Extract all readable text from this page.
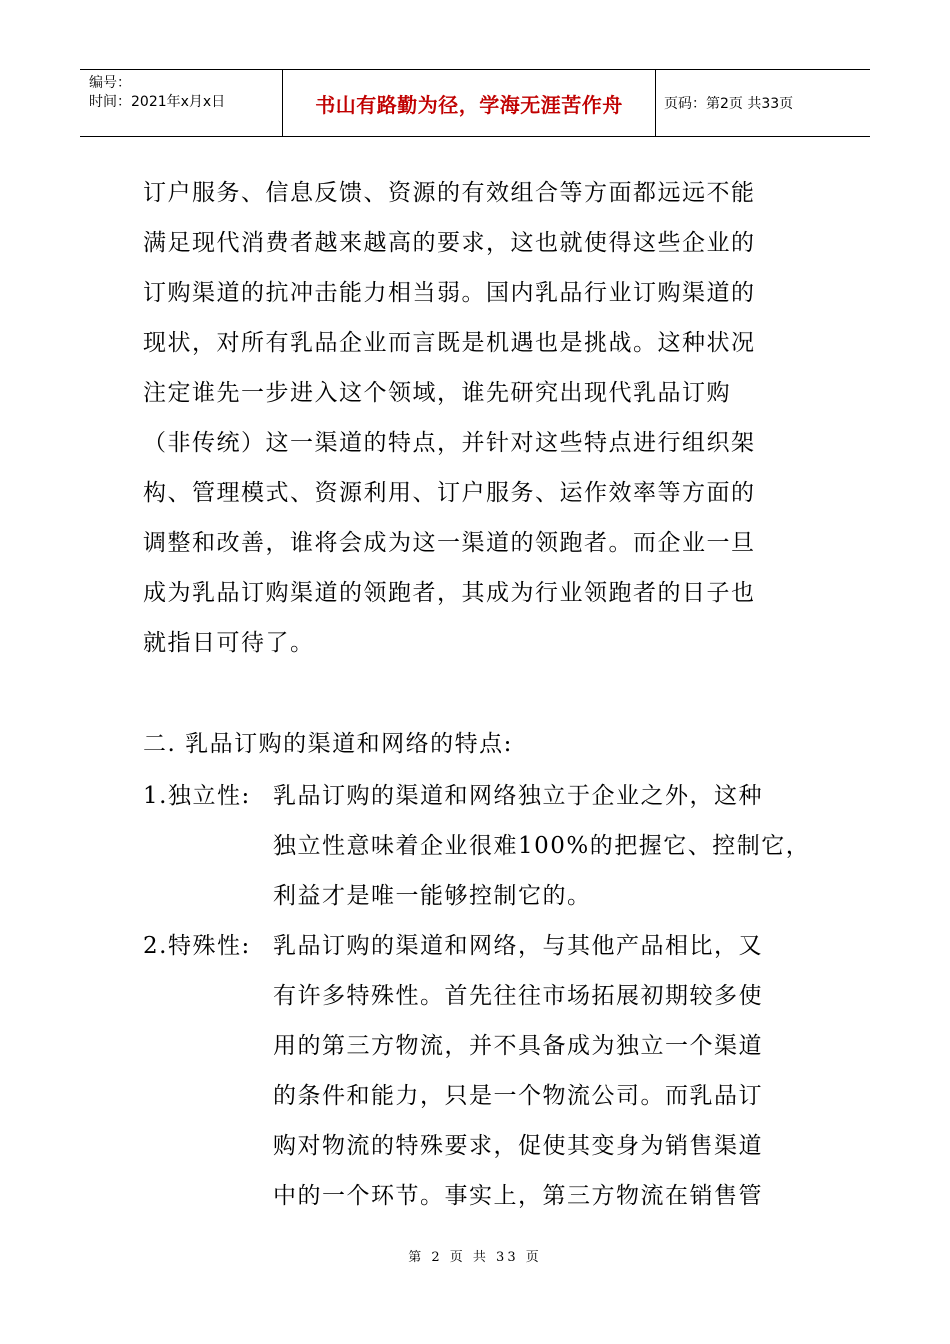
编号：
时间：2021年x月x日	书山有路勤为径，学海无涯苦作舟	页码：第2页 共33页
订户服务、信息反馈、资源的有效组合等方面都远远不能
满足现代消费者越来越高的要求，这也就使得这些企业的
订购渠道的抗冲击能力相当弱。国内乳品行业订购渠道的
现状，对所有乳品企业而言既是机遇也是挑战。这种状况
注定谁先一步进入这个领域，谁先研究出现代乳品订购
（非传统）这一渠道的特点，并针对这些特点进行组织架
构、管理模式、资源利用、订户服务、运作效率等方面的
调整和改善，谁将会成为这一渠道的领跑者。而企业一旦
成为乳品订购渠道的领跑者，其成为行业领跑者的日子也
就指日可待了。
二. 乳品订购的渠道和网络的特点:
1.独立性: 乳品订购的渠道和网络独立于企业之外，这种
独立性意味着企业很难100%的把握它、控制它，
利益才是唯一能够控制它的。
2.特殊性: 乳品订购的渠道和网络，与其他产品相比，又
有许多特殊性。首先往往市场拓展初期较多使
用的第三方物流，并不具备成为独立一个渠道
的条件和能力，只是一个物流公司。而乳品订
购对物流的特殊要求，促使其变身为销售渠道
中的一个环节。事实上，第三方物流在销售管
第 2 页 共 33 页
